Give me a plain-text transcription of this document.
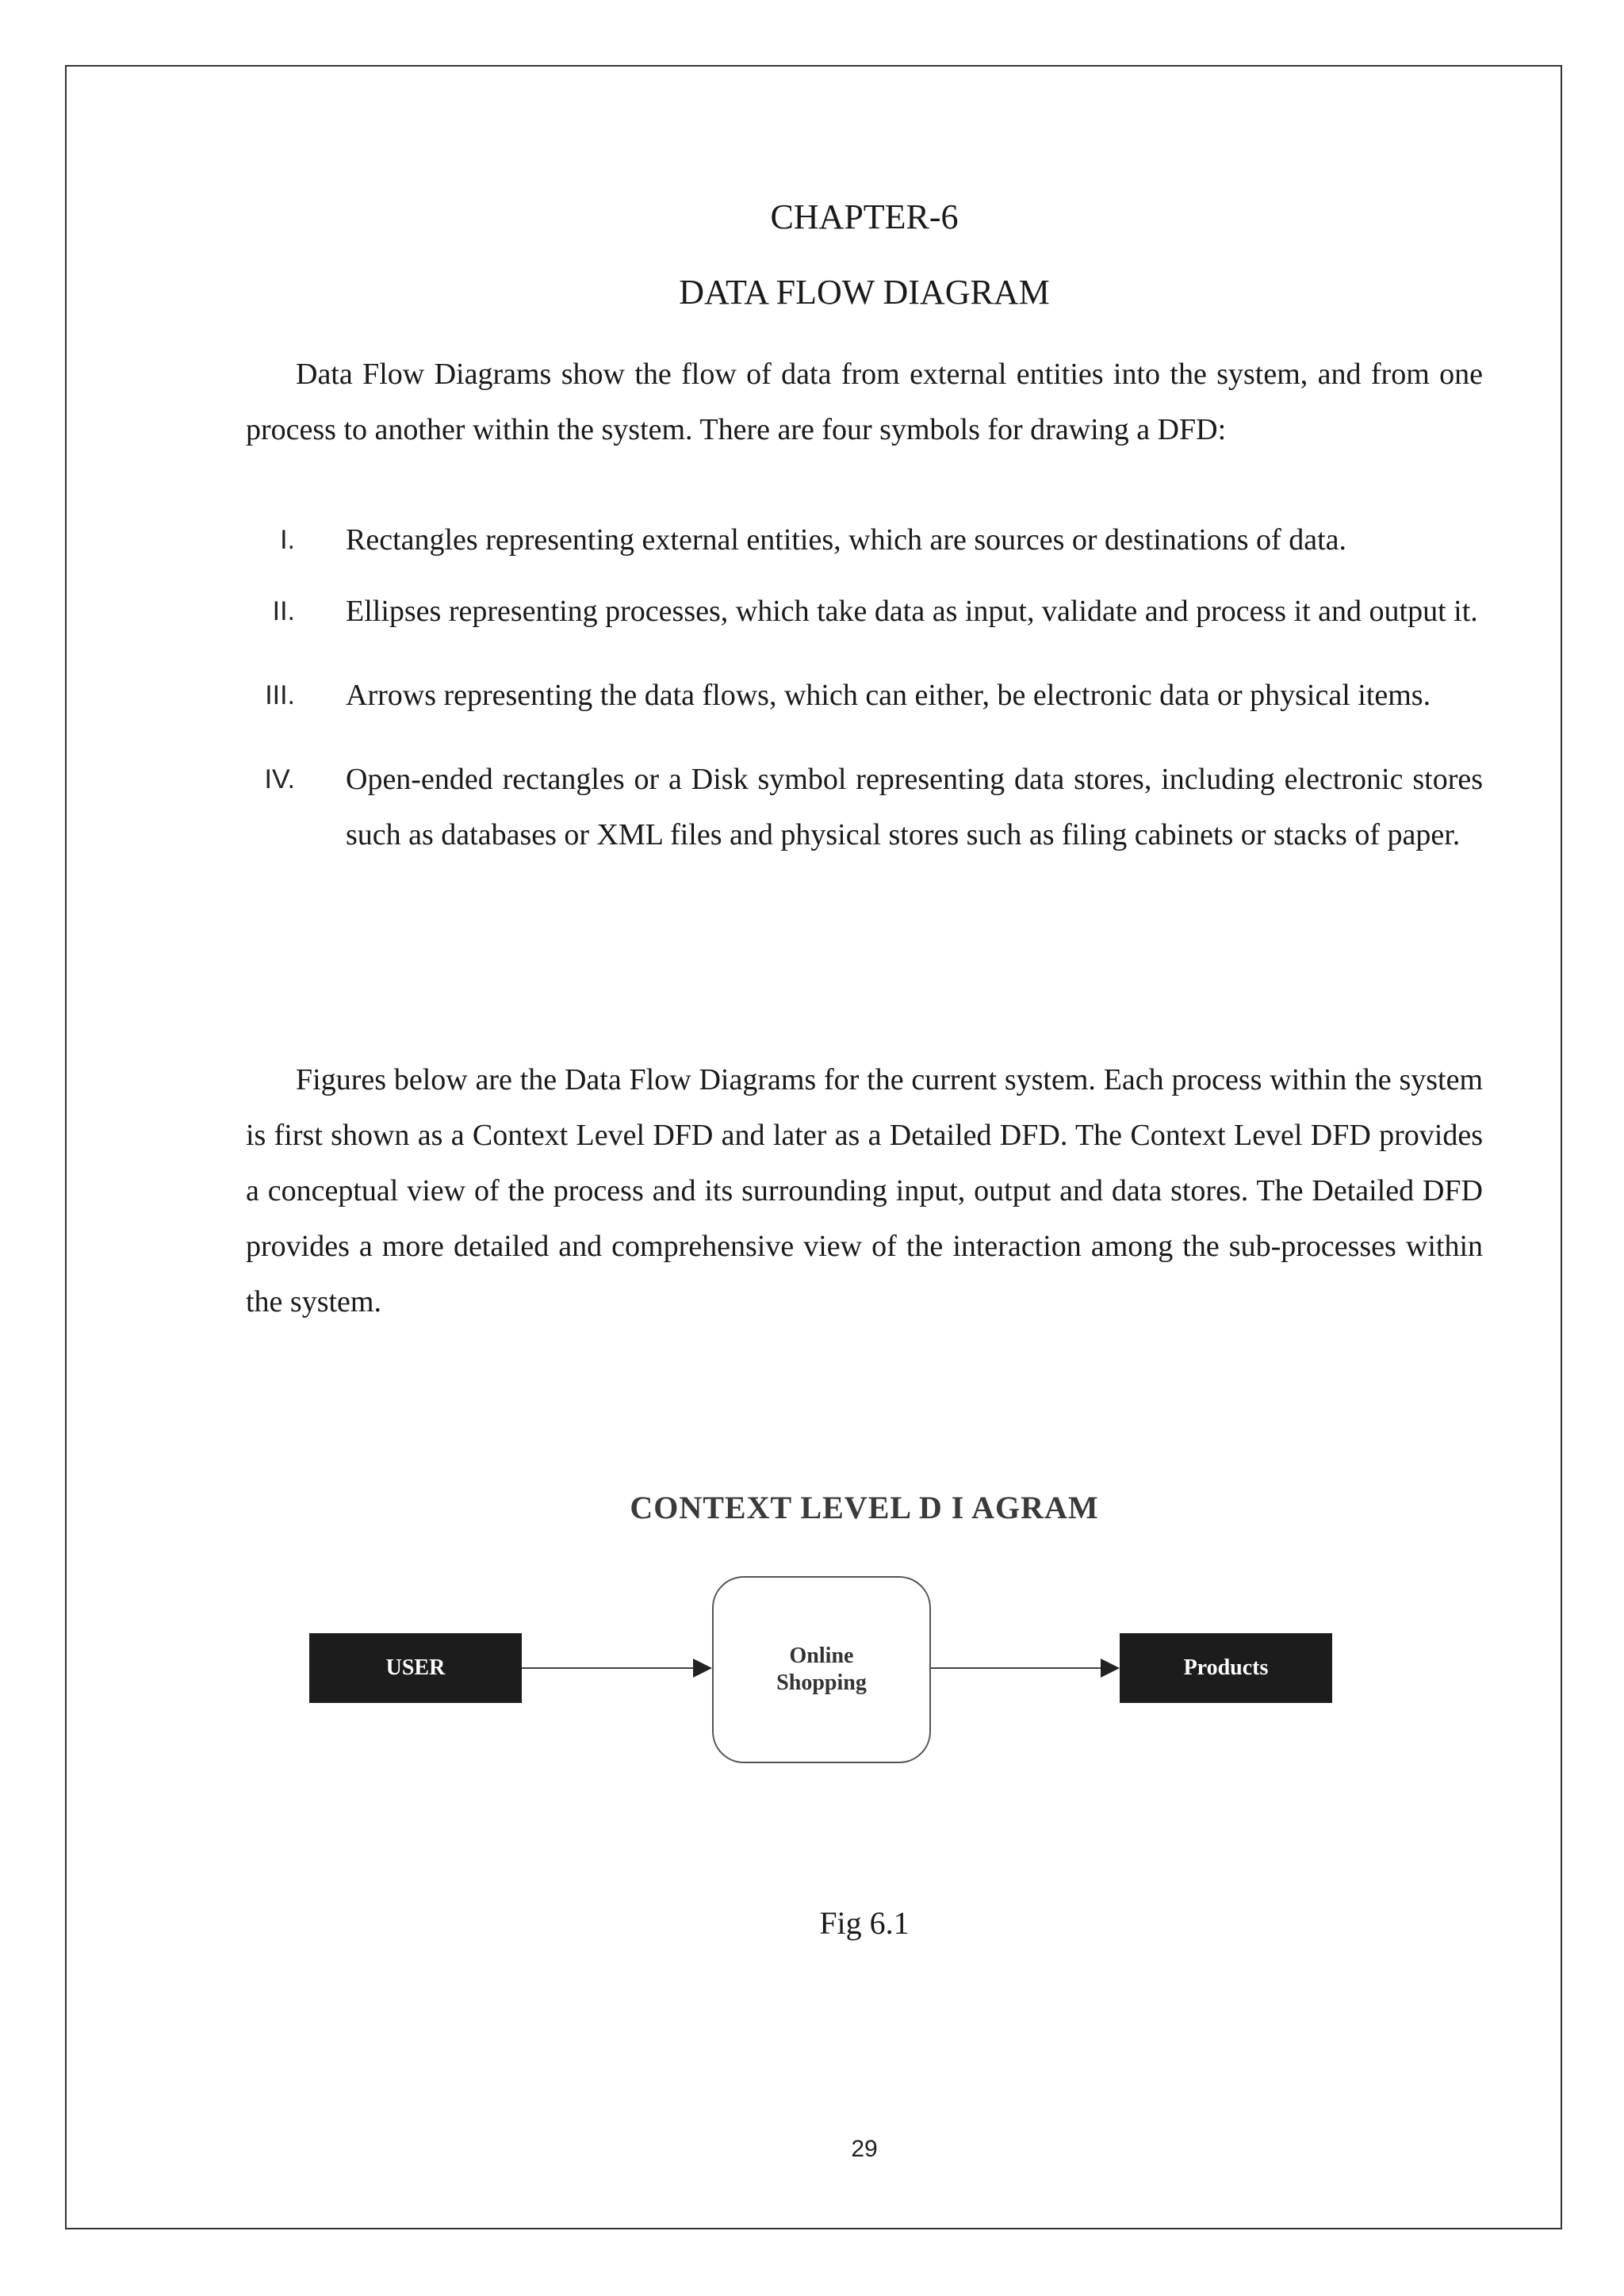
CHAPTER-6
DATA FLOW DIAGRAM

Data Flow Diagrams show the flow of data from external entities into the system, and from one process to another within the system. There are four symbols for drawing a DFD:

I. Rectangles representing external entities, which are sources or destinations of data.
II. Ellipses representing processes, which take data as input, validate and process it and output it.
III. Arrows representing the data flows, which can either, be electronic data or physical items.
IV. Open-ended rectangles or a Disk symbol representing data stores, including electronic stores such as databases or XML files and physical stores such as filing cabinets or stacks of paper.

Figures below are the Data Flow Diagrams for the current system. Each process within the system is first shown as a Context Level DFD and later as a Detailed DFD. The Context Level DFD provides a conceptual view of the process and its surrounding input, output and data stores. The Detailed DFD provides a more detailed and comprehensive view of the interaction among the sub-processes within the system.

CONTEXT LEVEL D I AGRAM
USER	Online
Shopping
Products
Fig 6.1
29
